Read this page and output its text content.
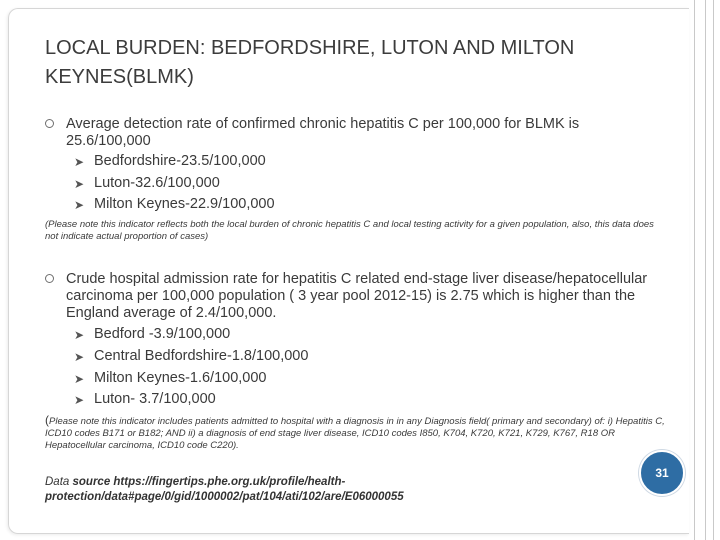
LOCAL BURDEN: BEDFORDSHIRE, LUTON AND MILTON KEYNES(BLMK)
Average detection rate of confirmed chronic hepatitis C per 100,000 for BLMK is 25.6/100,000
➤ Bedfordshire-23.5/100,000
➤ Luton-32.6/100,000
➤ Milton Keynes-22.9/100,000
(Please note this indicator reflects both the local burden of chronic hepatitis C and local testing activity for a given population, also, this data does not indicate actual proportion of cases)
Crude hospital admission rate for hepatitis C related end-stage liver disease/hepatocellular carcinoma per 100,000 population ( 3 year pool 2012-15) is 2.75 which is higher than the England average of 2.4/100,000.
➤ Bedford -3.9/100,000
➤ Central Bedfordshire-1.8/100,000
➤ Milton Keynes-1.6/100,000
➤ Luton- 3.7/100,000
(Please note this indicator includes patients admitted to hospital with a diagnosis in in any Diagnosis field( primary and secondary) of: i) Hepatitis C, ICD10 codes B171 or B182; AND ii) a diagnosis of end stage liver disease, ICD10 codes I850, K704, K720, K721, K729, K767, R18 OR Hepatocellular carcinoma, ICD10 code C220).
Data source https://fingertips.phe.org.uk/profile/health-protection/data#page/0/gid/1000002/pat/104/ati/102/are/E06000055
31
